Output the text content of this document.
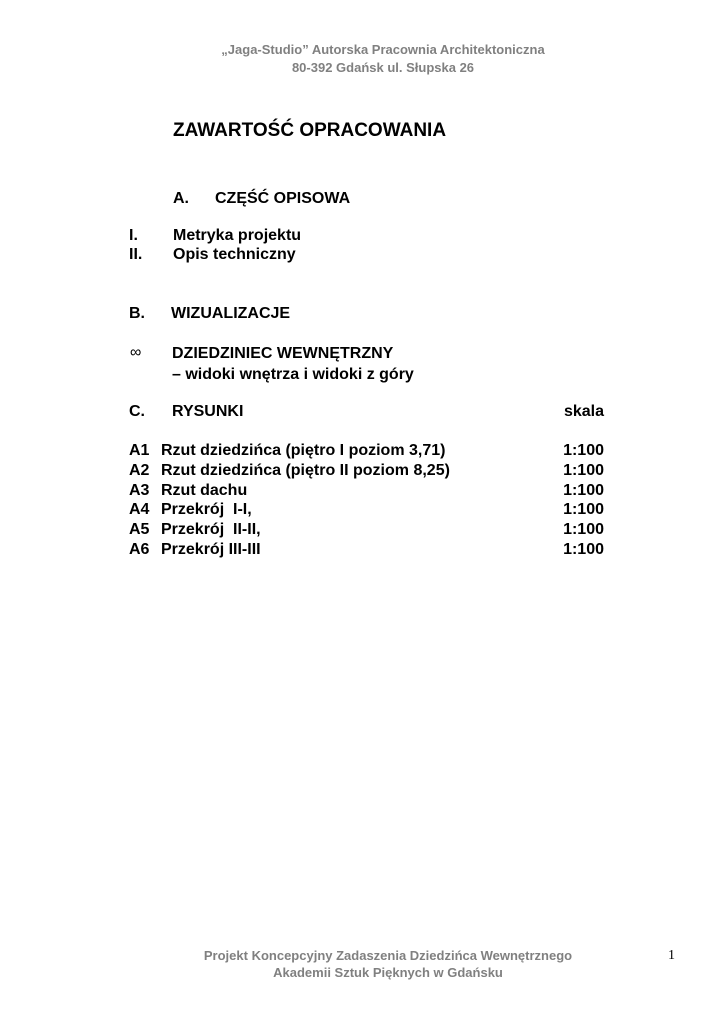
„Jaga-Studio” Autorska Pracownia Architektoniczna
80-392 Gdańsk ul. Słupska 26
ZAWARTOŚĆ OPRACOWANIA
A. CZĘŚĆ OPISOWA
I. Metryka projektu
II. Opis techniczny
B. WIZUALIZACJE
∞ DZIEDZINIEC WEWNĘTRZNY
– widoki wnętrza i widoki z góry
C. RYSUNKI	skala
A1 Rzut dziedzińca (piętro I poziom 3,71)	1:100
A2 Rzut dziedzińca (piętro II poziom 8,25)	1:100
A3 Rzut dachu	1:100
A4 Przekrój  I-I,	1:100
A5 Przekrój  II-II,	1:100
A6 Przekrój III-III	1:100
Projekt Koncepcyjny Zadaszenia Dziedzińca Wewnętrznego
Akademii Sztuk Pięknych w Gdańsku
1
